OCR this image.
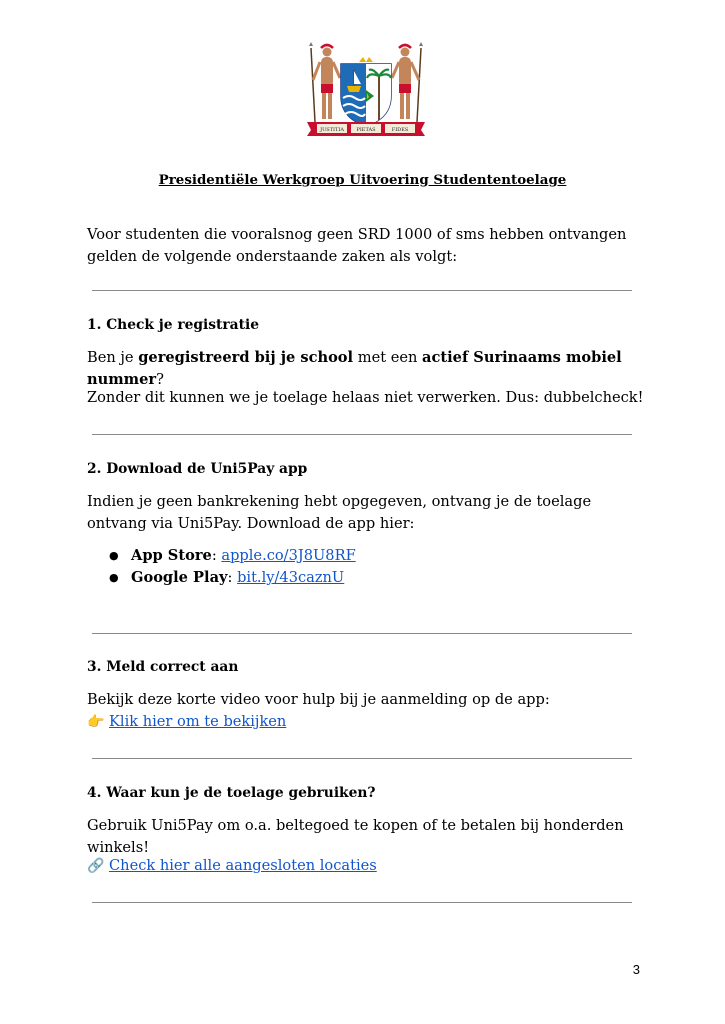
JUSTITIA	PIETAS	FIDES
Presidentiële Werkgroep Uitvoering Studententoelage
Voor studenten die vooralsnog geen SRD 1000 of sms hebben ontvangen gelden de volgende onderstaande zaken als volgt:
1. Check je registratie
Ben je geregistreerd bij je school met een actief Surinaams mobiel nummer?
Zonder dit kunnen we je toelage helaas niet verwerken. Dus: dubbelcheck!
2. Download de Uni5Pay app
Indien je geen bankrekening hebt opgegeven, ontvang je de toelage ontvang via Uni5Pay. Download de app hier:
● App Store: apple.co/3J8U8RF
● Google Play: bit.ly/43caznU
3. Meld correct aan
Bekijk deze korte video voor hulp bij je aanmelding op de app:
👉 Klik hier om te bekijken
4. Waar kun je de toelage gebruiken?
Gebruik Uni5Pay om o.a. beltegoed te kopen of te betalen bij honderden winkels!
🔗 Check hier alle aangesloten locaties
3
